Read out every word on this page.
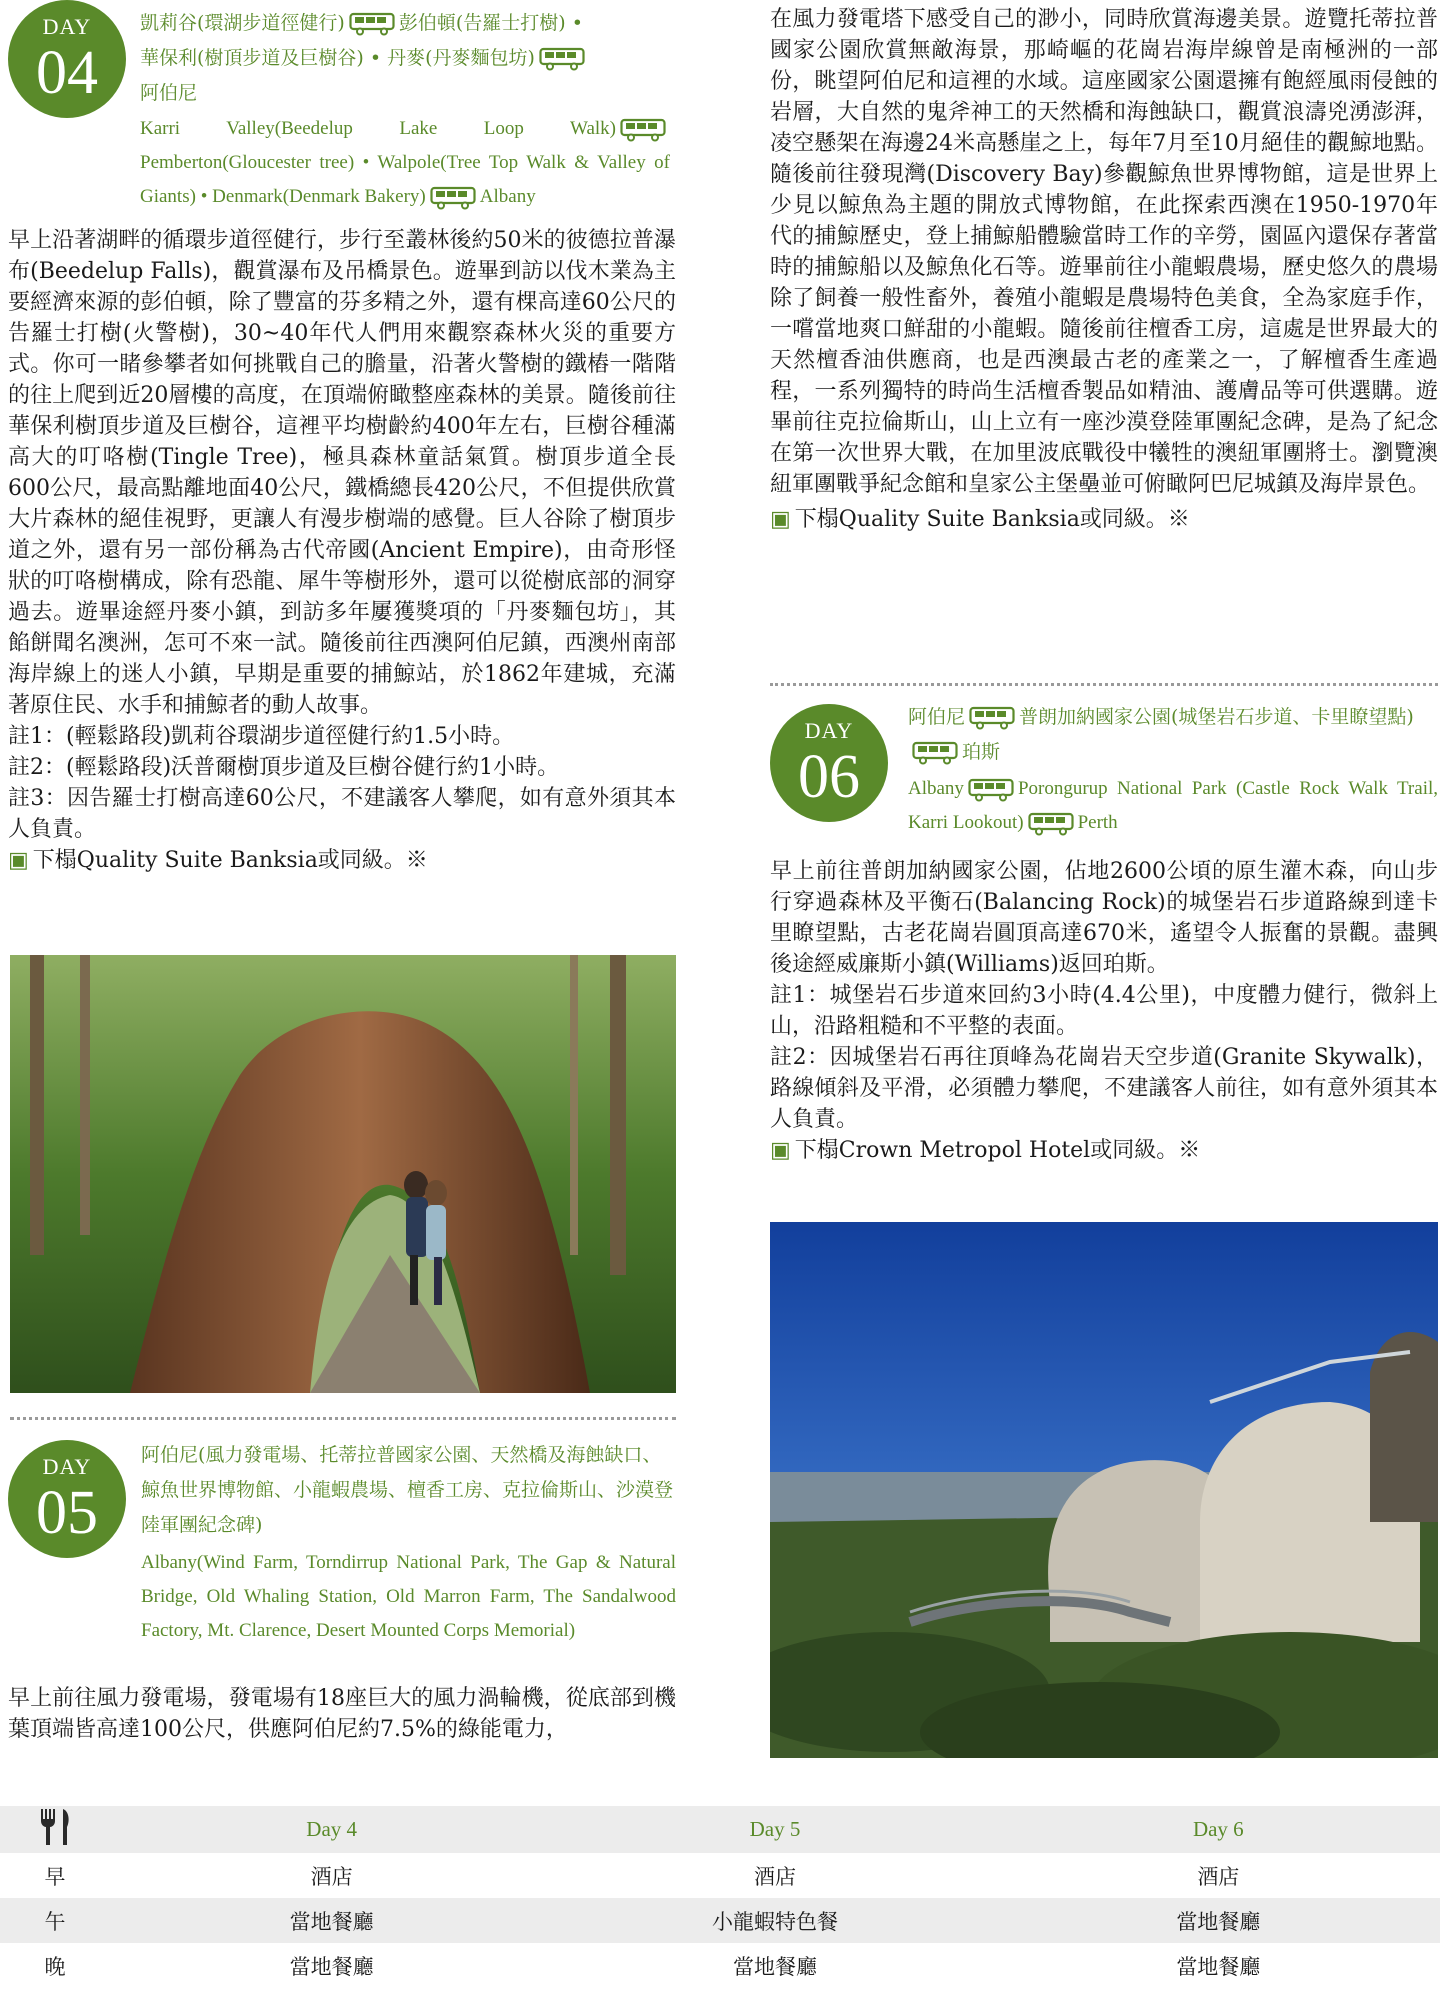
DAY
04
凱莉谷(環湖步道徑健行)	彭伯頓(告羅士打樹) •
華保利(樹頂步道及巨樹谷) • 丹麥(丹麥麵包坊)
阿伯尼
Karri Valley(Beedelup Lake Loop Walk) Pemberton(Gloucester tree) • Walpole(Tree Top Walk & Valley of Giants) • Denmark(Denmark Bakery)	Albany

早上沿著湖畔的循環步道徑健行，步行至叢林後約50米的彼德拉普瀑布(Beedelup Falls)，觀賞瀑布及吊橋景色。遊畢到訪以伐木業為主要經濟來源的彭伯頓，除了豐富的芬多精之外，還有棵高達60公尺的告羅士打樹(火警樹)，30~40年代人們用來觀察森林火災的重要方式。你可一睹參攀者如何挑戰自己的膽量，沿著火警樹的鐵樁一階階的往上爬到近20層樓的高度，在頂端俯瞰整座森林的美景。隨後前往華保利樹頂步道及巨樹谷，這裡平均樹齡約400年左右，巨樹谷種滿高大的叮咯樹(Tingle Tree)，極具森林童話氣質。樹頂步道全長600公尺，最高點離地面40公尺，鐵橋總長420公尺，不但提供欣賞大片森林的絕佳視野，更讓人有漫步樹端的感覺。巨人谷除了樹頂步道之外，還有另一部份稱為古代帝國(Ancient Empire)，由奇形怪狀的叮咯樹構成，除有恐龍、犀牛等樹形外，還可以從樹底部的洞穿過去。遊畢途經丹麥小鎮，到訪多年屢獲獎項的「丹麥麵包坊」，其餡餅聞名澳洲，怎可不來一試。隨後前往西澳阿伯尼鎮，西澳州南部海岸線上的迷人小鎮，早期是重要的捕鯨站，於1862年建城，充滿著原住民、水手和捕鯨者的動人故事。

註1：(輕鬆路段)凱莉谷環湖步道徑健行約1.5小時。

註2：(輕鬆路段)沃普爾樹頂步道及巨樹谷健行約1小時。

註3：因告羅士打樹高達60公尺，不建議客人攀爬，如有意外須其本人負責。

▣ 下榻Quality Suite Banksia或同級。※

DAY
05
阿伯尼(風力發電場、托蒂拉普國家公園、天然橋及海蝕缺口、鯨魚世界博物館、小龍蝦農場、檀香工房、克拉倫斯山、沙漠登陸軍團紀念碑)
Albany(Wind Farm, Torndirrup National Park, The Gap & Natural Bridge, Old Whaling Station, Old Marron Farm, The Sandalwood Factory, Mt. Clarence, Desert Mounted Corps Memorial)

早上前往風力發電場，發電場有18座巨大的風力渦輪機，從底部到機葉頂端皆高達100公尺，供應阿伯尼約7.5%的綠能電力，

在風力發電塔下感受自己的渺小，同時欣賞海邊美景。遊覽托蒂拉普國家公園欣賞無敵海景，那崎嶇的花崗岩海岸線曾是南極洲的一部份，眺望阿伯尼和這裡的水域。這座國家公園還擁有飽經風雨侵蝕的岩層，大自然的鬼斧神工的天然橋和海蝕缺口，觀賞浪濤兇湧澎湃，凌空懸架在海邊24米高懸崖之上，每年7月至10月絕佳的觀鯨地點。隨後前往發現灣(Discovery Bay)參觀鯨魚世界博物館，這是世界上少見以鯨魚為主題的開放式博物館，在此探索西澳在1950-1970年代的捕鯨歷史，登上捕鯨船體驗當時工作的辛勞，園區內還保存著當時的捕鯨船以及鯨魚化石等。遊畢前往小龍蝦農場，歷史悠久的農場除了飼養一般性畜外，養殖小龍蝦是農場特色美食，全為家庭手作，一嚐當地爽口鮮甜的小龍蝦。隨後前往檀香工房，這處是世界最大的天然檀香油供應商，也是西澳最古老的產業之一，了解檀香生產過程，一系列獨特的時尚生活檀香製品如精油、護膚品等可供選購。遊畢前往克拉倫斯山，山上立有一座沙漠登陸軍團紀念碑，是為了紀念在第一次世界大戰，在加里波底戰役中犧牲的澳紐軍團將士。瀏覽澳紐軍團戰爭紀念館和皇家公主堡壘並可俯瞰阿巴尼城鎮及海岸景色。

▣ 下榻Quality Suite Banksia或同級。※

DAY
06
阿伯尼	普朗加納國家公園(城堡岩石步道、卡里瞭望點)珀斯
Albany	Porongurup National Park (Castle Rock Walk Trail, Karri Lookout)	Perth

早上前往普朗加納國家公園，佔地2600公頃的原生灌木森，向山步行穿過森林及平衡石(Balancing Rock)的城堡岩石步道路線到達卡里瞭望點，古老花崗岩圓頂高達670米，遙望令人振奮的景觀。盡興後途經威廉斯小鎮(Williams)返回珀斯。

註1：城堡岩石步道來回約3小時(4.4公里)，中度體力健行，微斜上山，沿路粗糙和不平整的表面。

註2：因城堡岩石再往頂峰為花崗岩天空步道(Granite Skywalk)，路線傾斜及平滑，必須體力攀爬，不建議客人前往，如有意外須其本人負責。

▣ 下榻Crown Metropol Hotel或同級。※

Day 4	Day 5	Day 6
早	酒店	酒店	酒店
午	當地餐廳	小龍蝦特色餐	當地餐廳
晚	當地餐廳	當地餐廳	當地餐廳
